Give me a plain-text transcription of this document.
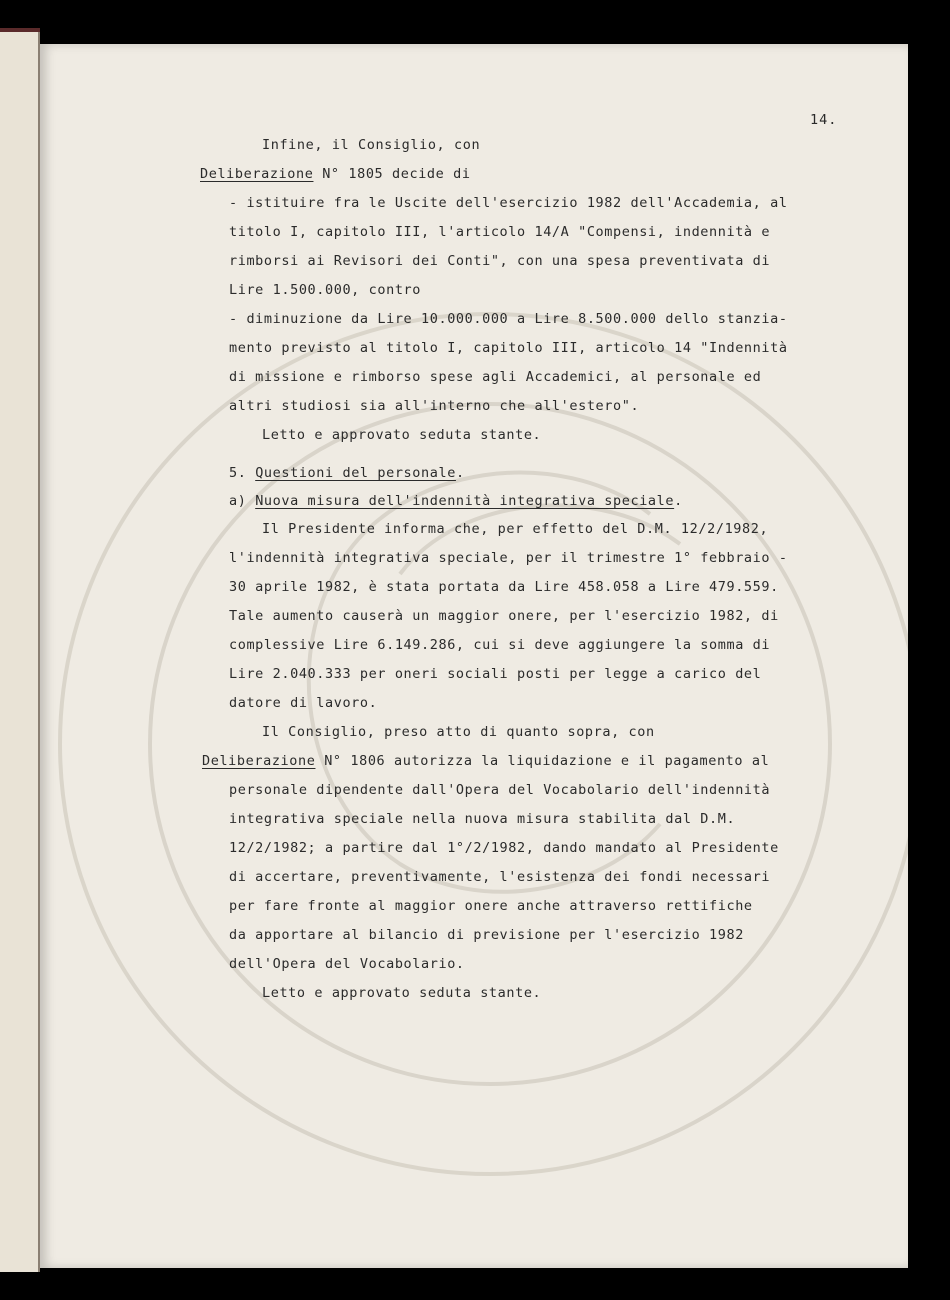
14.
Infine, il Consiglio, con
Deliberazione N° 1805 decide di
- istituire fra le Uscite dell'esercizio 1982 dell'Accademia, al
titolo I, capitolo III, l'articolo 14/A "Compensi, indennità e
rimborsi ai Revisori dei Conti", con una spesa preventivata di
Lire 1.500.000, contro
- diminuzione da Lire 10.000.000 a Lire 8.500.000 dello stanzia-
mento previsto al titolo I, capitolo III, articolo 14 "Indennità
di missione e rimborso spese agli Accademici, al personale ed
altri studiosi sia all'interno che all'estero".
Letto e approvato seduta stante.
5. Questioni del personale.
a) Nuova misura dell'indennità integrativa speciale.
Il Presidente informa che, per effetto del D.M. 12/2/1982,
l'indennità integrativa speciale, per il trimestre 1° febbraio -
30 aprile 1982, è stata portata da Lire 458.058 a Lire 479.559.
Tale aumento causerà un maggior onere, per l'esercizio 1982, di
complessive Lire 6.149.286, cui si deve aggiungere la somma di
Lire 2.040.333 per oneri sociali posti per legge a carico del
datore di lavoro.
Il Consiglio, preso atto di quanto sopra, con
Deliberazione N° 1806 autorizza la liquidazione e il pagamento al
personale dipendente dall'Opera del Vocabolario dell'indennità
integrativa speciale nella nuova misura stabilita dal D.M.
12/2/1982; a partire dal 1°/2/1982, dando mandato al Presidente
di accertare, preventivamente, l'esistenza dei fondi necessari
per fare fronte al maggior onere anche attraverso rettifiche
da apportare al bilancio di previsione per l'esercizio 1982
dell'Opera del Vocabolario.
Letto e approvato seduta stante.
